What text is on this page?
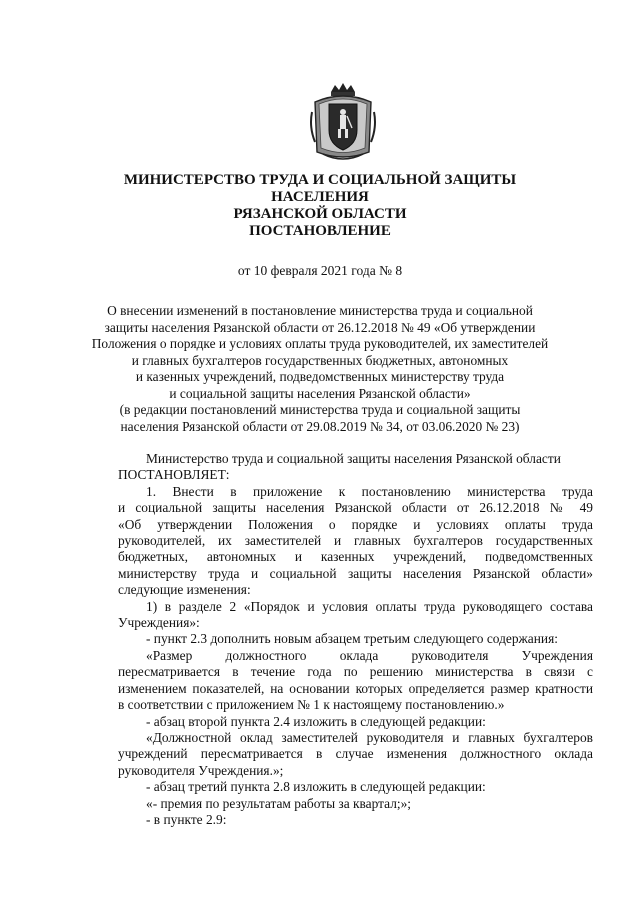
МИНИСТЕРСТВО ТРУДА И СОЦИАЛЬНОЙ ЗАЩИТЫ НАСЕЛЕНИЯ
РЯЗАНСКОЙ ОБЛАСТИ
ПОСТАНОВЛЕНИЕ
от 10 февраля 2021 года № 8
О внесении изменений в постановление министерства труда и социальной
защиты населения Рязанской области от 26.12.2018 № 49 «Об утверждении
Положения о порядке и условиях оплаты труда руководителей, их заместителей
и главных бухгалтеров государственных бюджетных, автономных
и казенных учреждений, подведомственных министерству труда
и социальной защиты населения Рязанской области»
(в редакции постановлений министерства труда и социальной защиты
населения Рязанской области от 29.08.2019 № 34, от 03.06.2020 № 23)
Министерство труда и социальной защиты населения Рязанской области
ПОСТАНОВЛЯЕТ:
1. Внести в приложение к постановлению министерства труда
и социальной защиты населения Рязанской области от 26.12.2018 № 49
«Об утверждении Положения о порядке и условиях оплаты труда
руководителей, их заместителей и главных бухгалтеров государственных
бюджетных, автономных и казенных учреждений, подведомственных
министерству труда и социальной защиты населения Рязанской области»
следующие изменения:
1) в разделе 2 «Порядок и условия оплаты труда руководящего состава
Учреждения»:
- пункт 2.3 дополнить новым абзацем третьим следующего содержания:
«Размер должностного оклада руководителя Учреждения
пересматривается в течение года по решению министерства в связи с
изменением показателей, на основании которых определяется размер кратности
в соответствии с приложением № 1 к настоящему постановлению.»
- абзац второй пункта 2.4 изложить в следующей редакции:
«Должностной оклад заместителей руководителя и главных бухгалтеров
учреждений пересматривается в случае изменения должностного оклада
руководителя Учреждения.»;
- абзац третий пункта 2.8 изложить в следующей редакции:
«- премия по результатам работы за квартал;»;
- в пункте 2.9:
